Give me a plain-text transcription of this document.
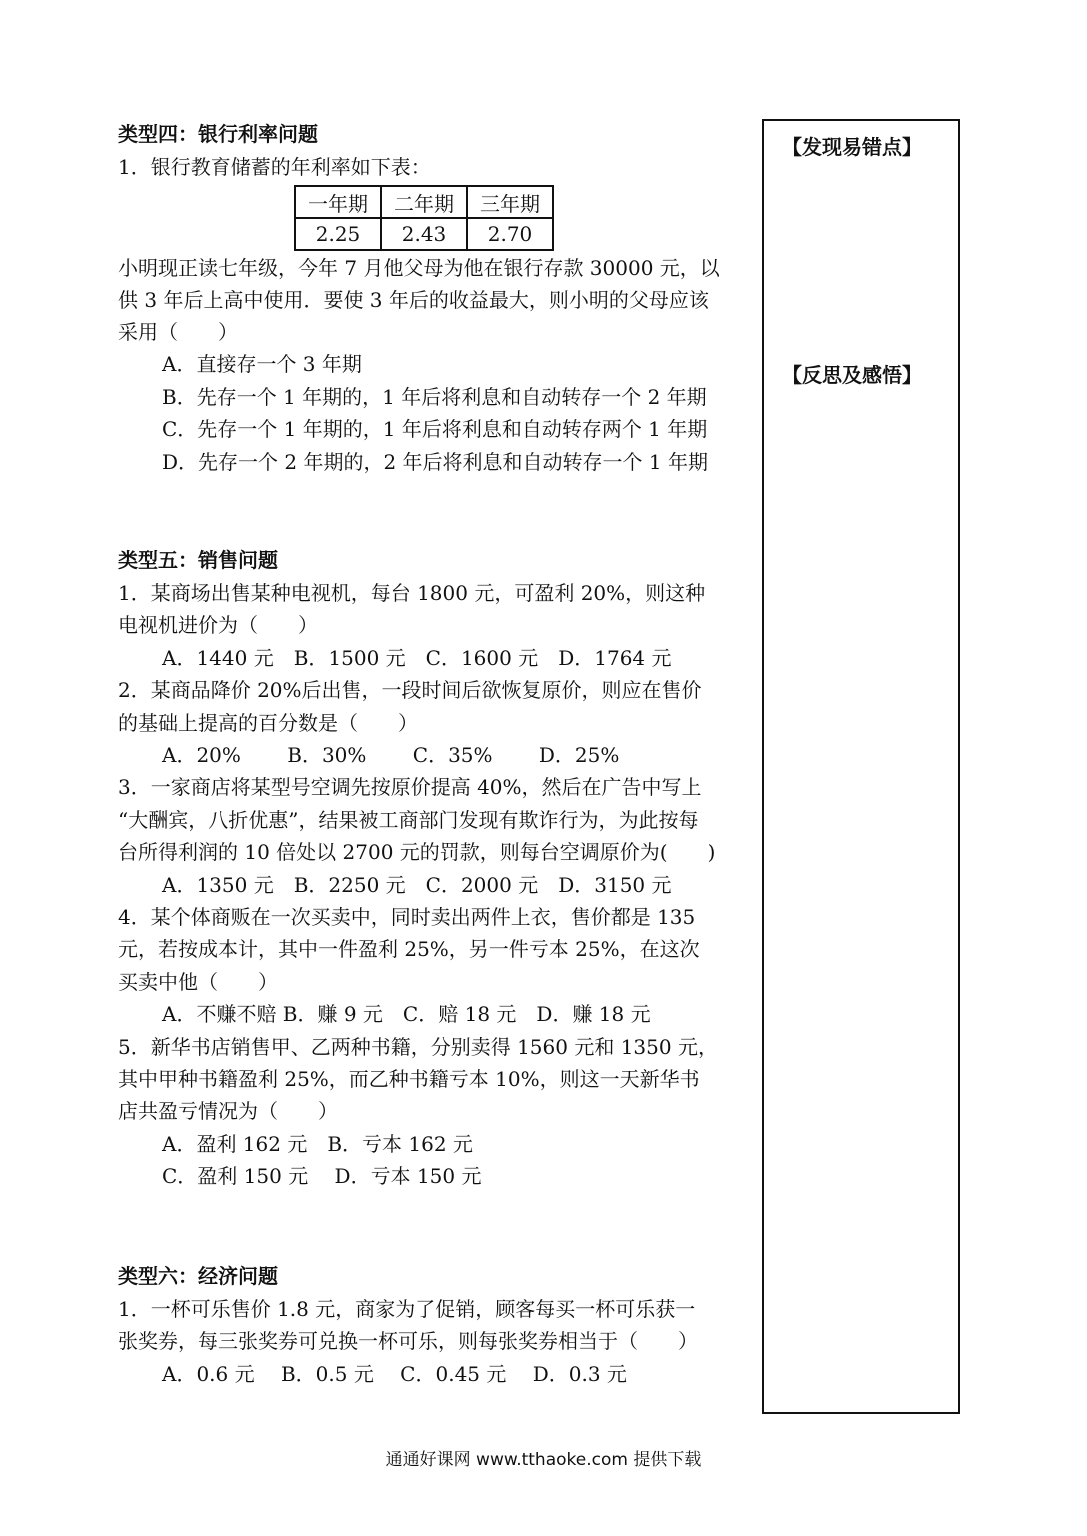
类型四：银行利率问题
1．银行教育储蓄的年利率如下表：
一年期	二年期	三年期
2.25	2.43	2.70
小明现正读七年级，今年 7 月他父母为他在银行存款 30000 元，以
供 3 年后上高中使用．要使 3 年后的收益最大，则小明的父母应该
采用（　　）
A．直接存一个 3 年期
B．先存一个 1 年期的，1 年后将利息和自动转存一个 2 年期
C．先存一个 1 年期的，1 年后将利息和自动转存两个 1 年期
D．先存一个 2 年期的，2 年后将利息和自动转存一个 1 年期
类型五：销售问题
1．某商场出售某种电视机，每台 1800 元，可盈利 20%，则这种
电视机进价为（　　）
A．1440 元　B．1500 元　C．1600 元　D．1764 元
2．某商品降价 20%后出售，一段时间后欲恢复原价，则应在售价
的基础上提高的百分数是（　　）
A．20%　　 B．30%　　 C．35%　　 D．25%
3．一家商店将某型号空调先按原价提高 40%，然后在广告中写上
“大酬宾，八折优惠”，结果被工商部门发现有欺诈行为，为此按每
台所得利润的 10 倍处以 2700 元的罚款，则每台空调原价为(　　)
A．1350 元　B．2250 元　C．2000 元　D．3150 元
4．某个体商贩在一次买卖中，同时卖出两件上衣，售价都是 135
元，若按成本计，其中一件盈利 25%，另一件亏本 25%，在这次
买卖中他（　　）
A．不赚不赔 B．赚 9 元　C．赔 18 元　D．赚 18 元
5．新华书店销售甲、乙两种书籍，分别卖得 1560 元和 1350 元，
其中甲种书籍盈利 25%，而乙种书籍亏本 10%，则这一天新华书
店共盈亏情况为（　　）
A．盈利 162 元　B．亏本 162 元
C．盈利 150 元　 D．亏本 150 元
类型六：经济问题
1．一杯可乐售价 1.8 元，商家为了促销，顾客每买一杯可乐获一
张奖券，每三张奖券可兑换一杯可乐，则每张奖券相当于（　　）
A．0.6 元　 B．0.5 元　 C．0.45 元　 D．0.3 元
【发现易错点】
【反思及感悟】
通通好课网 www.tthaoke.com 提供下载
